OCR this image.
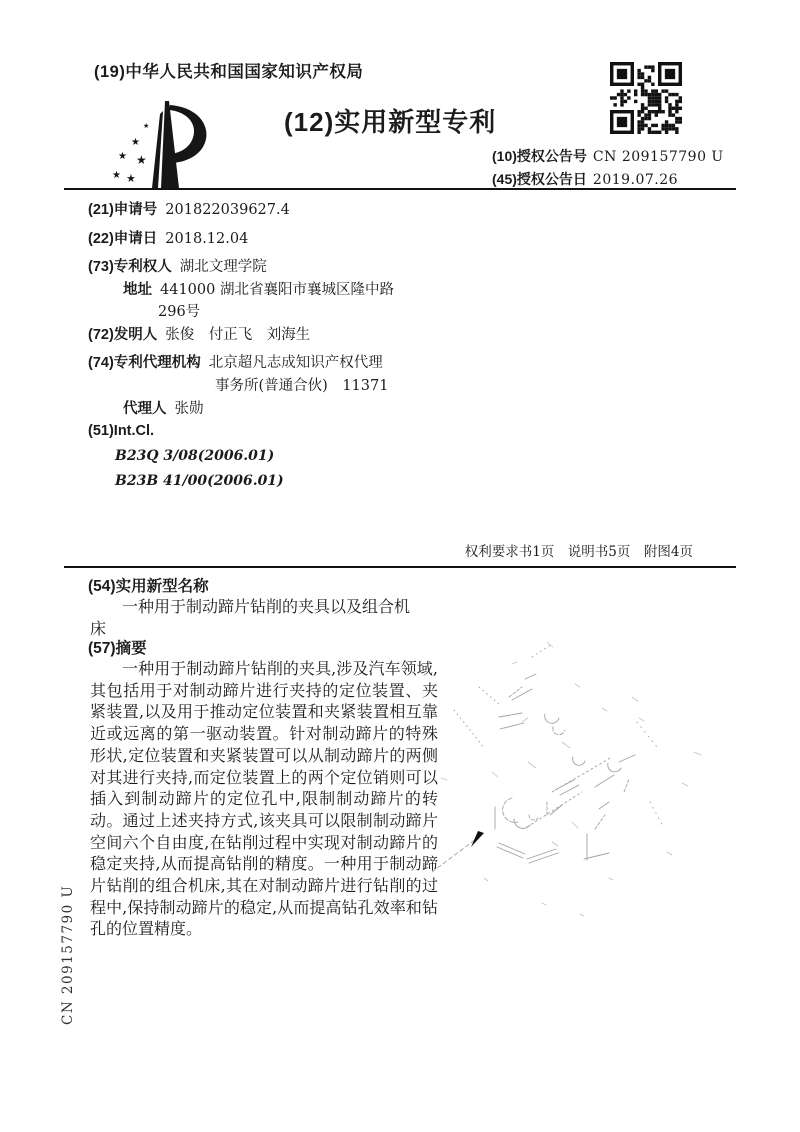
(19)中华人民共和国国家知识产权局
★
★
★ ★
★ ★
(12)实用新型专利
(10)授权公告号 CN 209157790 U
(45)授权公告日 2019.07.26
(21)申请号 201822039627.4
(22)申请日 2018.12.04
(73)专利权人 湖北文理学院
地址 441000 湖北省襄阳市襄城区隆中路
296号
(72)发明人 张俊　付正飞　刘海生
(74)专利代理机构 北京超凡志成知识产权代理
事务所(普通合伙)　11371
代理人 张勋
(51)Int.Cl.
B23Q 3/08(2006.01)
B23B 41/00(2006.01)
权利要求书1页　说明书5页　附图4页
(54)实用新型名称
一种用于制动蹄片钻削的夹具以及组合机
床
(57)摘要
一种用于制动蹄片钻削的夹具,涉及汽车领域,其包括用于对制动蹄片进行夹持的定位装置、夹紧装置,以及用于推动定位装置和夹紧装置相互靠近或远离的第一驱动装置。针对制动蹄片的特殊形状,定位装置和夹紧装置可以从制动蹄片的两侧对其进行夹持,而定位装置上的两个定位销则可以插入到制动蹄片的定位孔中,限制制动蹄片的转动。通过上述夹持方式,该夹具可以限制制动蹄片空间六个自由度,在钻削过程中实现对制动蹄片的稳定夹持,从而提高钻削的精度。一种用于制动蹄片钻削的组合机床,其在对制动蹄片进行钻削的过程中,保持制动蹄片的稳定,从而提高钻孔效率和钻孔的位置精度。
CN 209157790 U
